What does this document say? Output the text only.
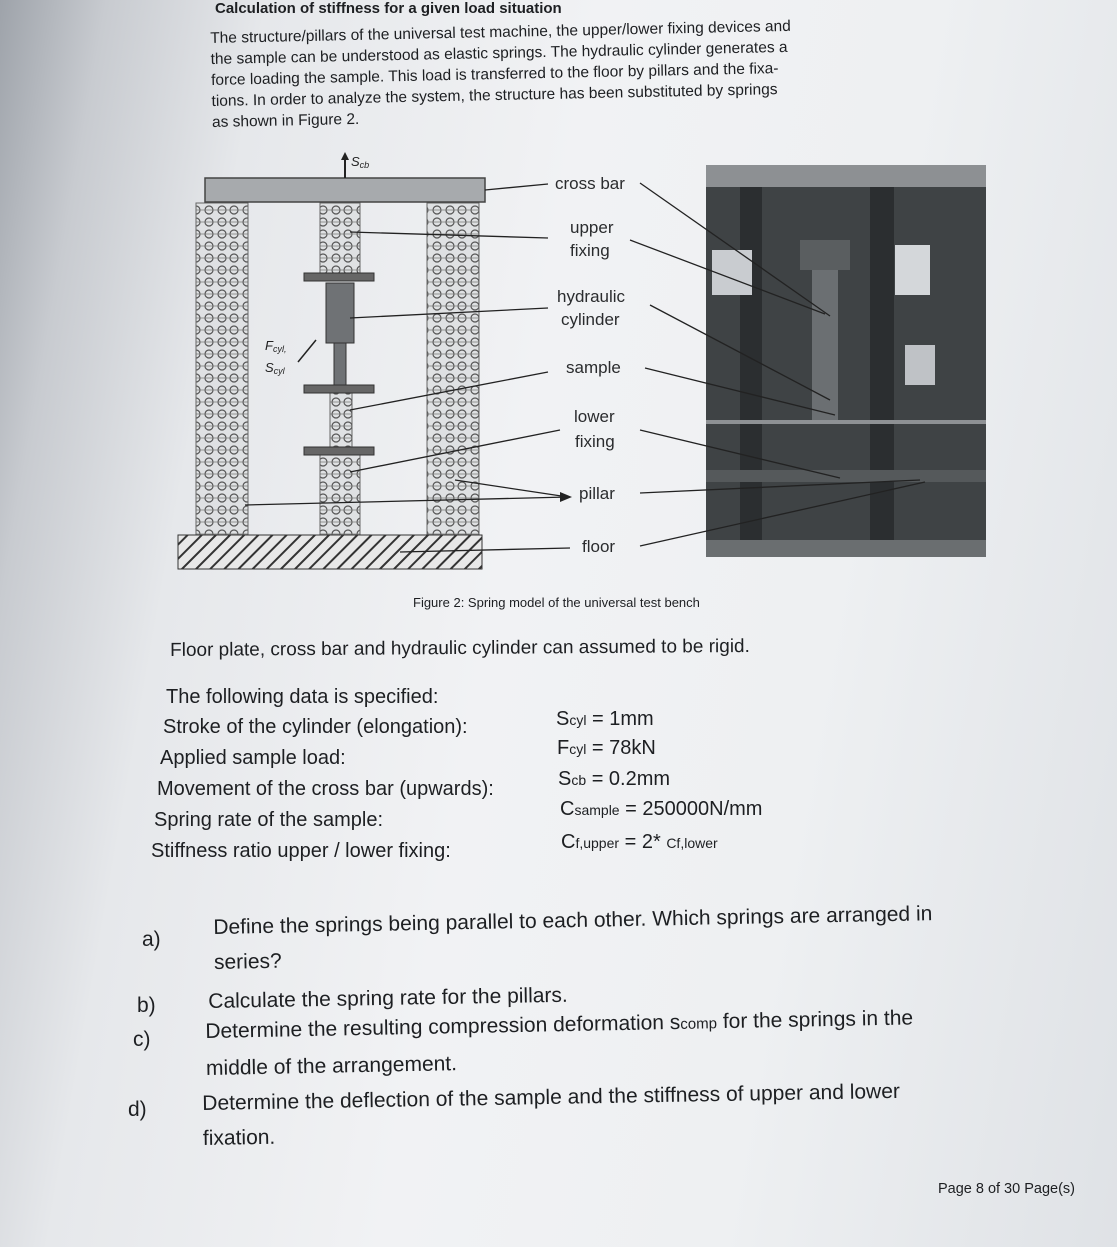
Calculation of stiffness for a given load situation
The structure/pillars of the universal test machine, the upper/lower fixing devices and
the sample can be understood as elastic springs. The hydraulic cylinder generates a
force loading the sample. This load is transferred to the floor by pillars and the fixa-
tions. In order to analyze the system, the structure has been substituted by springs
as shown in Figure 2.
Scb
Fcyl,
Scyl
cross bar
upper
fixing
hydraulic
cylinder
sample
lower
fixing
pillar
floor
Figure 2: Spring model of the universal test bench
Floor plate, cross bar and hydraulic cylinder can assumed to be rigid.
The following data is specified:
Stroke of the cylinder (elongation):	Scyl = 1mm
Applied sample load:	Fcyl = 78kN
Movement of the cross bar (upwards):	Scb = 0.2mm
Spring rate of the sample:	Csample = 250000N/mm
Stiffness ratio upper / lower fixing:	Cf,upper = 2* Cf,lower
a)
Define the springs being parallel to each other. Which springs are arranged in
series?
b) Calculate the spring rate for the pillars.
c)	Determine the resulting compression deformation scomp for the springs in the
middle of the arrangement.
d)	Determine the deflection of the sample and the stiffness of upper and lower
fixation.
Page 8 of 30 Page(s)
